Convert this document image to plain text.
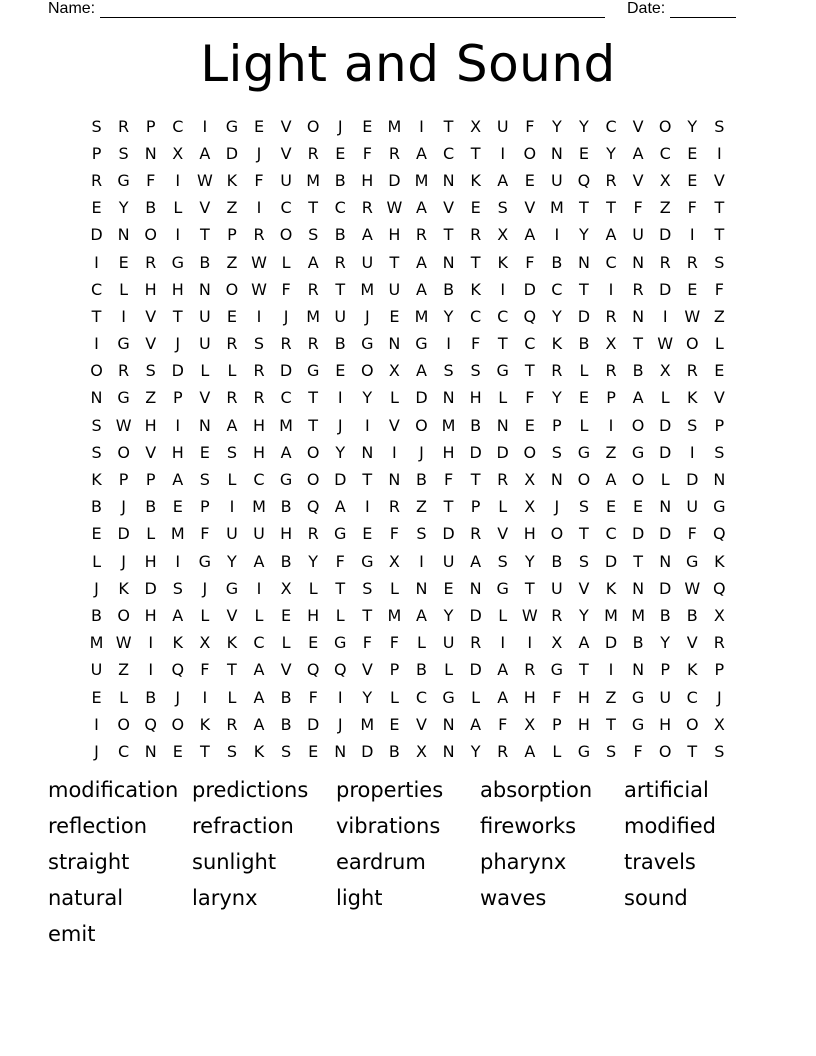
Name:	Date:
Light and Sound
S	R	P	C	I	G E	V O	J	E M	I	T	X U	F	Y	Y	C	V O Y	S
P	S	N X	A D	J	V	R	E	F	R	A	C	T	I	O N	E	Y	A	C	E	I
R G	F	I	W K	F	U M B H D M N K	A	E	U Q R	V	X	E	V
E	Y	B	L	V	Z	I	C	T	C R W A	V	E	S	V M T	T	F	Z	F	T
D N O	I	T	P	R O S	B	A H R	T	R	X	A	I	Y	A U D	I	T
I	E	R G B	Z W L	A	R U	T	A N	T	K	F	B N C N R R	S
C	L	H H N O W F	R	T M U A	B	K	I	D C	T	I	R D E	F
T	I	V	T	U	E	I	J	M U	J	E M Y	C C Q Y	D R N	I	W Z
I	G V	J	U R	S	R R	B G N G	I	F	T	C	K	B	X	T W O	L
O R	S D	L	L	R D G E O X	A	S	S G T	R	L	R	B	X	R	E
N G Z	P	V	R R C	T	I	Y	L	D N H	L	F	Y	E	P	A	L	K	V
S W H	I	N A H M T	J	I	V O M B N	E	P	L	I	O D S	P
S O V H	E	S H A O Y	N	I	J	H D D O S G Z G D	I	S
K	P	P	A	S	L	C G O D	T	N B	F	T	R	X N O A O	L	D N
B	J	B	E	P	I	M B Q A	I	R	Z	T	P	L	X	J	S	E	E	N U G
E D	L M F	U U H R G E	F	S D R	V H O T	C D D	F	Q
L	J	H	I	G Y	A	B	Y	F	G X	I	U A	S	Y	B	S D	T	N G K
J	K D S	J	G	I	X	L	T	S	L	N	E	N G T	U V	K N D W Q
B O H A	L	V	L	E	H	L	T M A	Y	D	L W R	Y M M B	B	X
M W	I	K	X	K	C	L	E G	F	F	L	U R	I	I	X	A D B	Y	V	R
U Z	I	Q	F	T	A	V Q Q V	P	B	L	D A	R G T	I	N	P	K	P
E	L	B	J	I	L	A	B	F	I	Y	L	C G	L	A H	F	H Z G U C	J
I	O Q O K	R	A	B D	J	M E	V N A	F	X	P	H	T G H O X
J	C N	E	T	S	K	S	E	N D B	X N	Y	R	A	L	G S	F	O T	S
modification predictions	properties	absorption	artificial
reflection	refraction	vibrations	fireworks	modified
straight	sunlight	eardrum	pharynx	travels
natural	larynx	light	waves	sound
emit
